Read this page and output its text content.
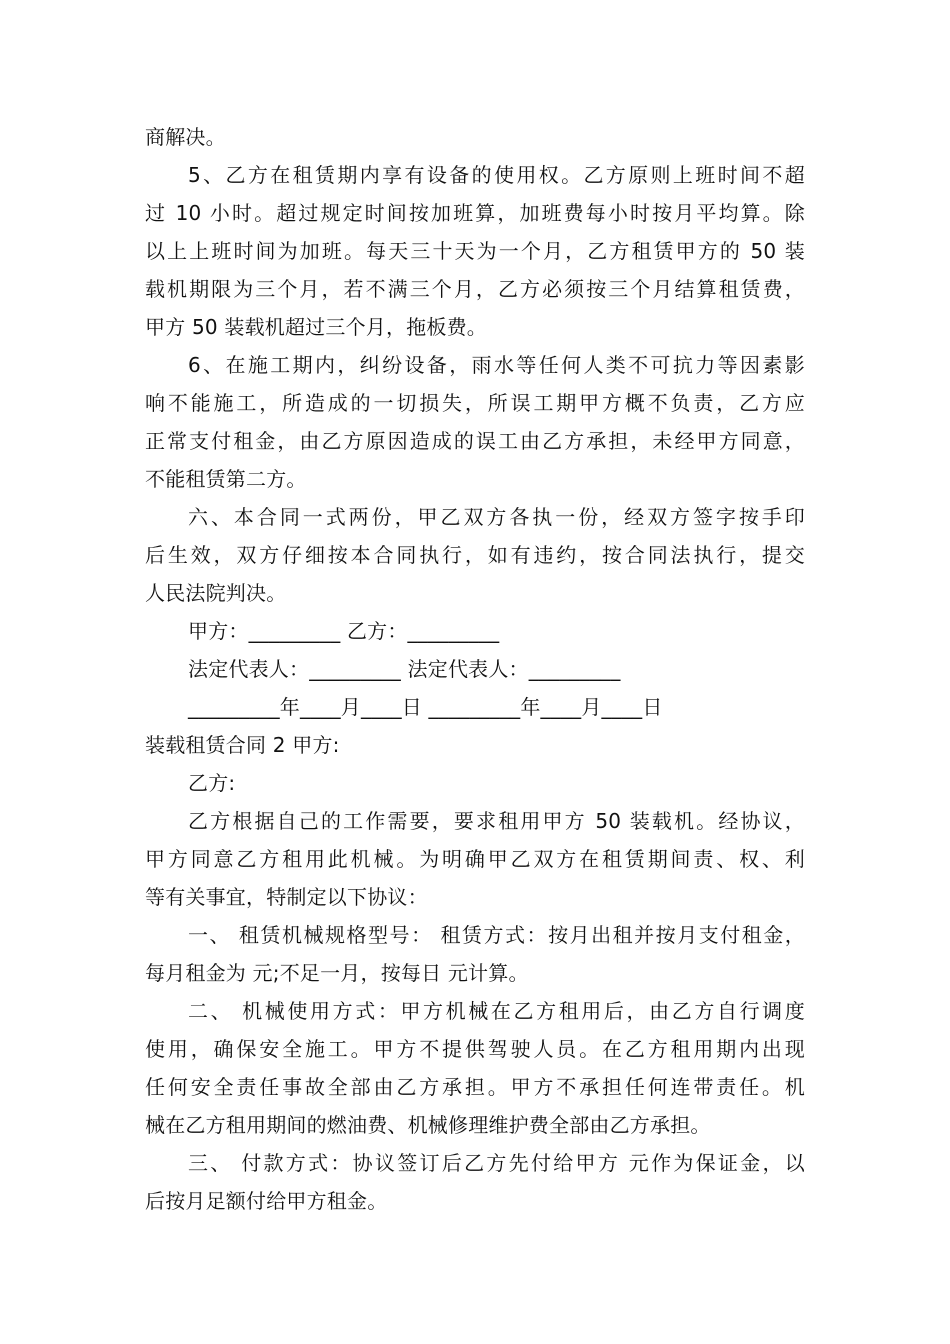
商解决。
5、乙方在租赁期内享有设备的使用权。乙方原则上班时间不超
过 10 小时。超过规定时间按加班算，加班费每小时按月平均算。除
以上上班时间为加班。每天三十天为一个月，乙方租赁甲方的 50 装
载机期限为三个月，若不满三个月，乙方必须按三个月结算租赁费，
甲方 50 装载机超过三个月，拖板费。
6、在施工期内，纠纷设备，雨水等任何人类不可抗力等因素影
响不能施工，所造成的一切损失，所误工期甲方概不负责，乙方应
正常支付租金，由乙方原因造成的误工由乙方承担，未经甲方同意，
不能租赁第二方。
六、本合同一式两份，甲乙双方各执一份，经双方签字按手印
后生效，双方仔细按本合同执行，如有违约，按合同法执行，提交
人民法院判决。
甲方：_________ 乙方：_________
法定代表人：_________ 法定代表人：_________
_________年____月____日 _________年____月____日
装载租赁合同 2 甲方:
乙方:
乙方根据自己的工作需要，要求租用甲方 50 装载机。经协议，
甲方同意乙方租用此机械。为明确甲乙双方在租赁期间责、权、利
等有关事宜，特制定以下协议：
一、 租赁机械规格型号： 租赁方式：按月出租并按月支付租金，
每月租金为 元;不足一月，按每日 元计算。
二、 机械使用方式：甲方机械在乙方租用后，由乙方自行调度
使用，确保安全施工。甲方不提供驾驶人员。在乙方租用期内出现
任何安全责任事故全部由乙方承担。甲方不承担任何连带责任。机
械在乙方租用期间的燃油费、机械修理维护费全部由乙方承担。
三、 付款方式：协议签订后乙方先付给甲方 元作为保证金，以
后按月足额付给甲方租金。
